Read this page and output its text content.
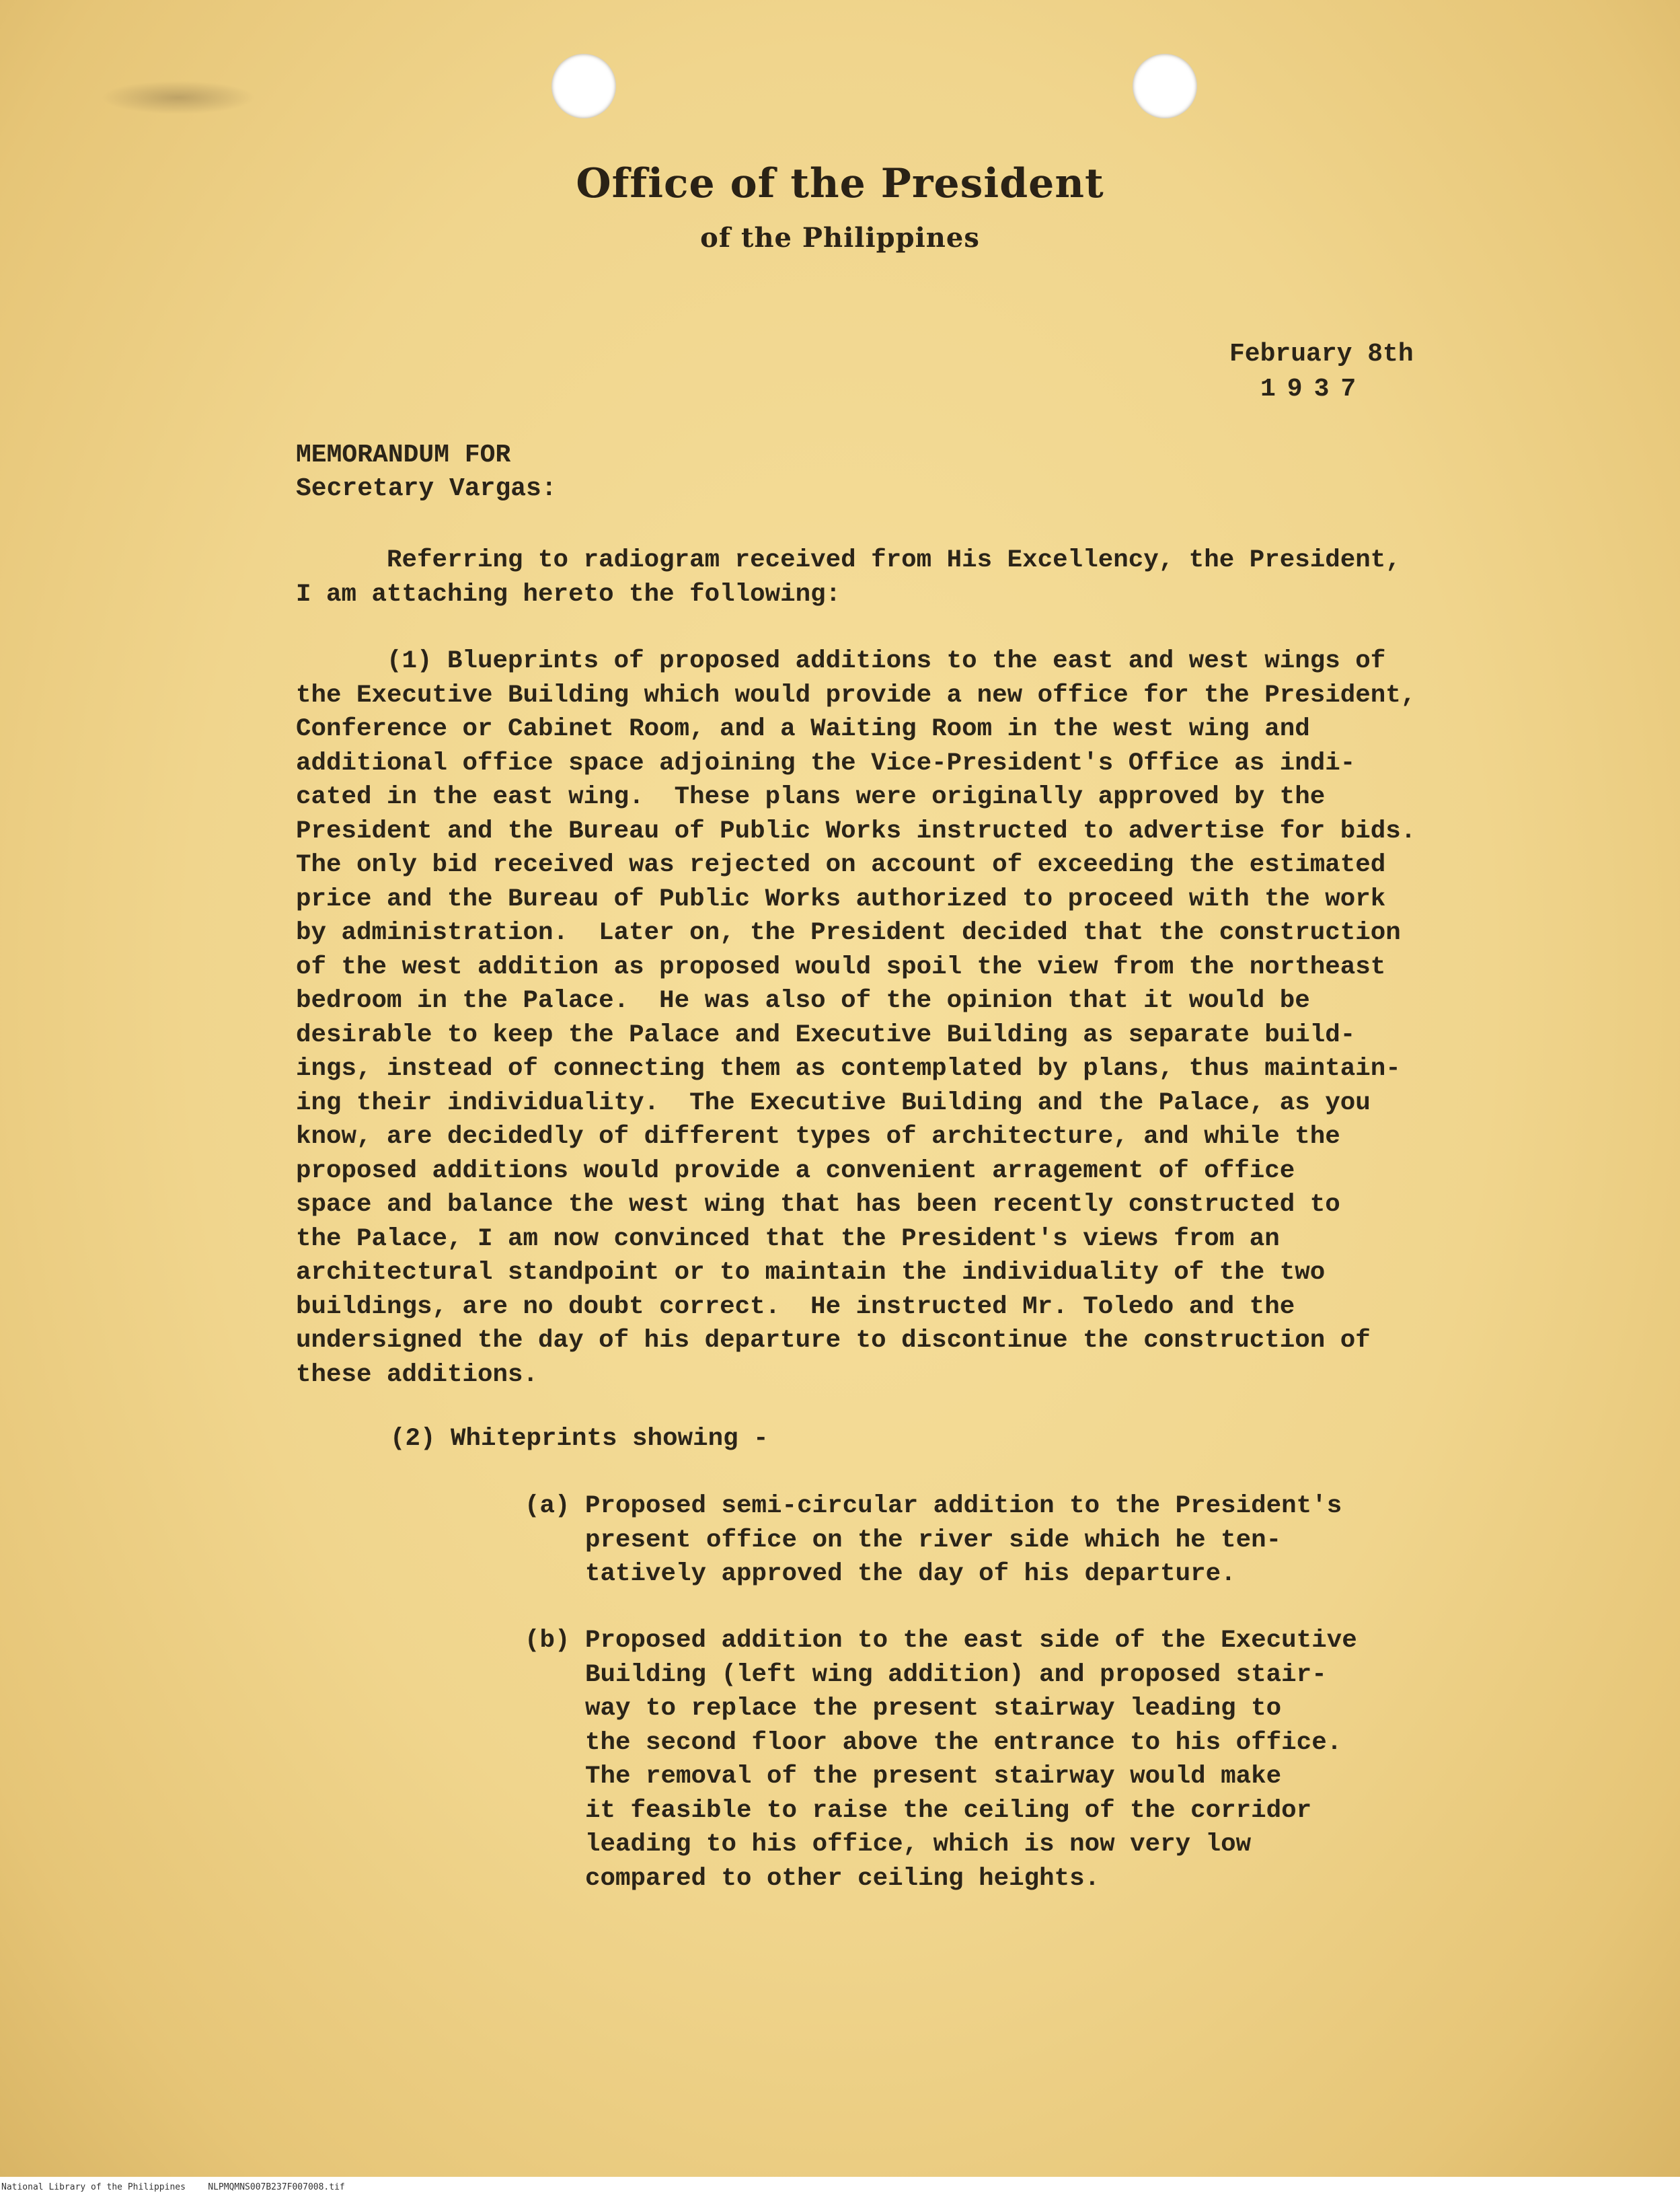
Office of the President
of the Philippines
February 8th
1937
MEMORANDUM FOR
Secretary Vargas:
Referring to radiogram received from His Excellency, the President,
I am attaching hereto the following:
(1) Blueprints of proposed additions to the east and west wings of
the Executive Building which would provide a new office for the President,
Conference or Cabinet Room, and a Waiting Room in the west wing and
additional office space adjoining the Vice-President's Office as indi-
cated in the east wing.  These plans were originally approved by the
President and the Bureau of Public Works instructed to advertise for bids.
The only bid received was rejected on account of exceeding the estimated
price and the Bureau of Public Works authorized to proceed with the work
by administration.  Later on, the President decided that the construction
of the west addition as proposed would spoil the view from the northeast
bedroom in the Palace.  He was also of the opinion that it would be
desirable to keep the Palace and Executive Building as separate build-
ings, instead of connecting them as contemplated by plans, thus maintain-
ing their individuality.  The Executive Building and the Palace, as you
know, are decidedly of different types of architecture, and while the
proposed additions would provide a convenient arragement of office
space and balance the west wing that has been recently constructed to
the Palace, I am now convinced that the President's views from an
architectural standpoint or to maintain the individuality of the two
buildings, are no doubt correct.  He instructed Mr. Toledo and the
undersigned the day of his departure to discontinue the construction of
these additions.
(2) Whiteprints showing -
(a) Proposed semi-circular addition to the President's
present office on the river side which he ten-
tatively approved the day of his departure.
(b) Proposed addition to the east side of the Executive
Building (left wing addition) and proposed stair-
way to replace the present stairway leading to
the second floor above the entrance to his office.
The removal of the present stairway would make
it feasible to raise the ceiling of the corridor
leading to his office, which is now very low
compared to other ceiling heights.
National Library of the Philippines	NLPMQMNS007B237F007008.tif
